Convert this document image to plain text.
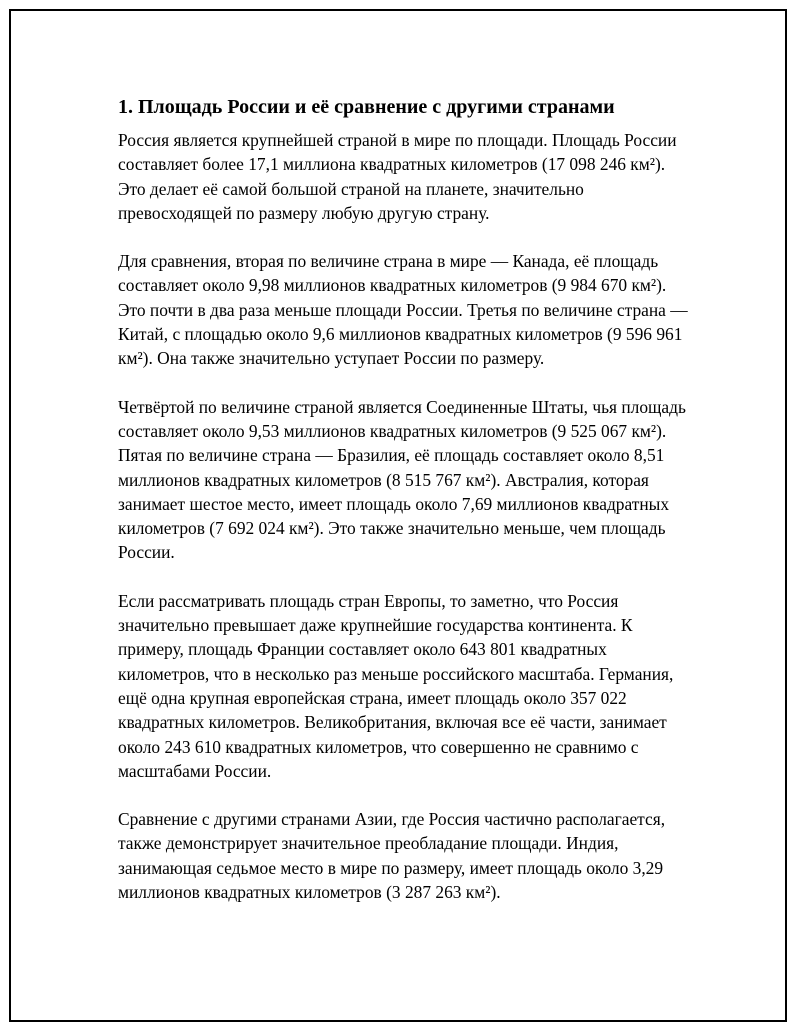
1. Площадь России и её сравнение с другими странами

Россия является крупнейшей страной в мире по площади. Площадь России составляет более 17,1 миллиона квадратных километров (17 098 246 км²). Это делает её самой большой страной на планете, значительно превосходящей по размеру любую другую страну.

Для сравнения, вторая по величине страна в мире — Канада, её площадь составляет около 9,98 миллионов квадратных километров (9 984 670 км²). Это почти в два раза меньше площади России. Третья по величине страна — Китай, с площадью около 9,6 миллионов квадратных километров (9 596 961 км²). Она также значительно уступает России по размеру.

Четвёртой по величине страной является Соединенные Штаты, чья площадь составляет около 9,53 миллионов квадратных километров (9 525 067 км²). Пятая по величине страна — Бразилия, её площадь составляет около 8,51 миллионов квадратных километров (8 515 767 км²). Австралия, которая занимает шестое место, имеет площадь около 7,69 миллионов квадратных километров (7 692 024 км²). Это также значительно меньше, чем площадь России.

Если рассматривать площадь стран Европы, то заметно, что Россия значительно превышает даже крупнейшие государства континента. К примеру, площадь Франции составляет около 643 801 квадратных километров, что в несколько раз меньше российского масштаба. Германия, ещё одна крупная европейская страна, имеет площадь около 357 022 квадратных километров. Великобритания, включая все её части, занимает около 243 610 квадратных километров, что совершенно не сравнимо с масштабами России.

Сравнение с другими странами Азии, где Россия частично располагается, также демонстрирует значительное преобладание площади. Индия, занимающая седьмое место в мире по размеру, имеет площадь около 3,29 миллионов квадратных километров (3 287 263 км²).
